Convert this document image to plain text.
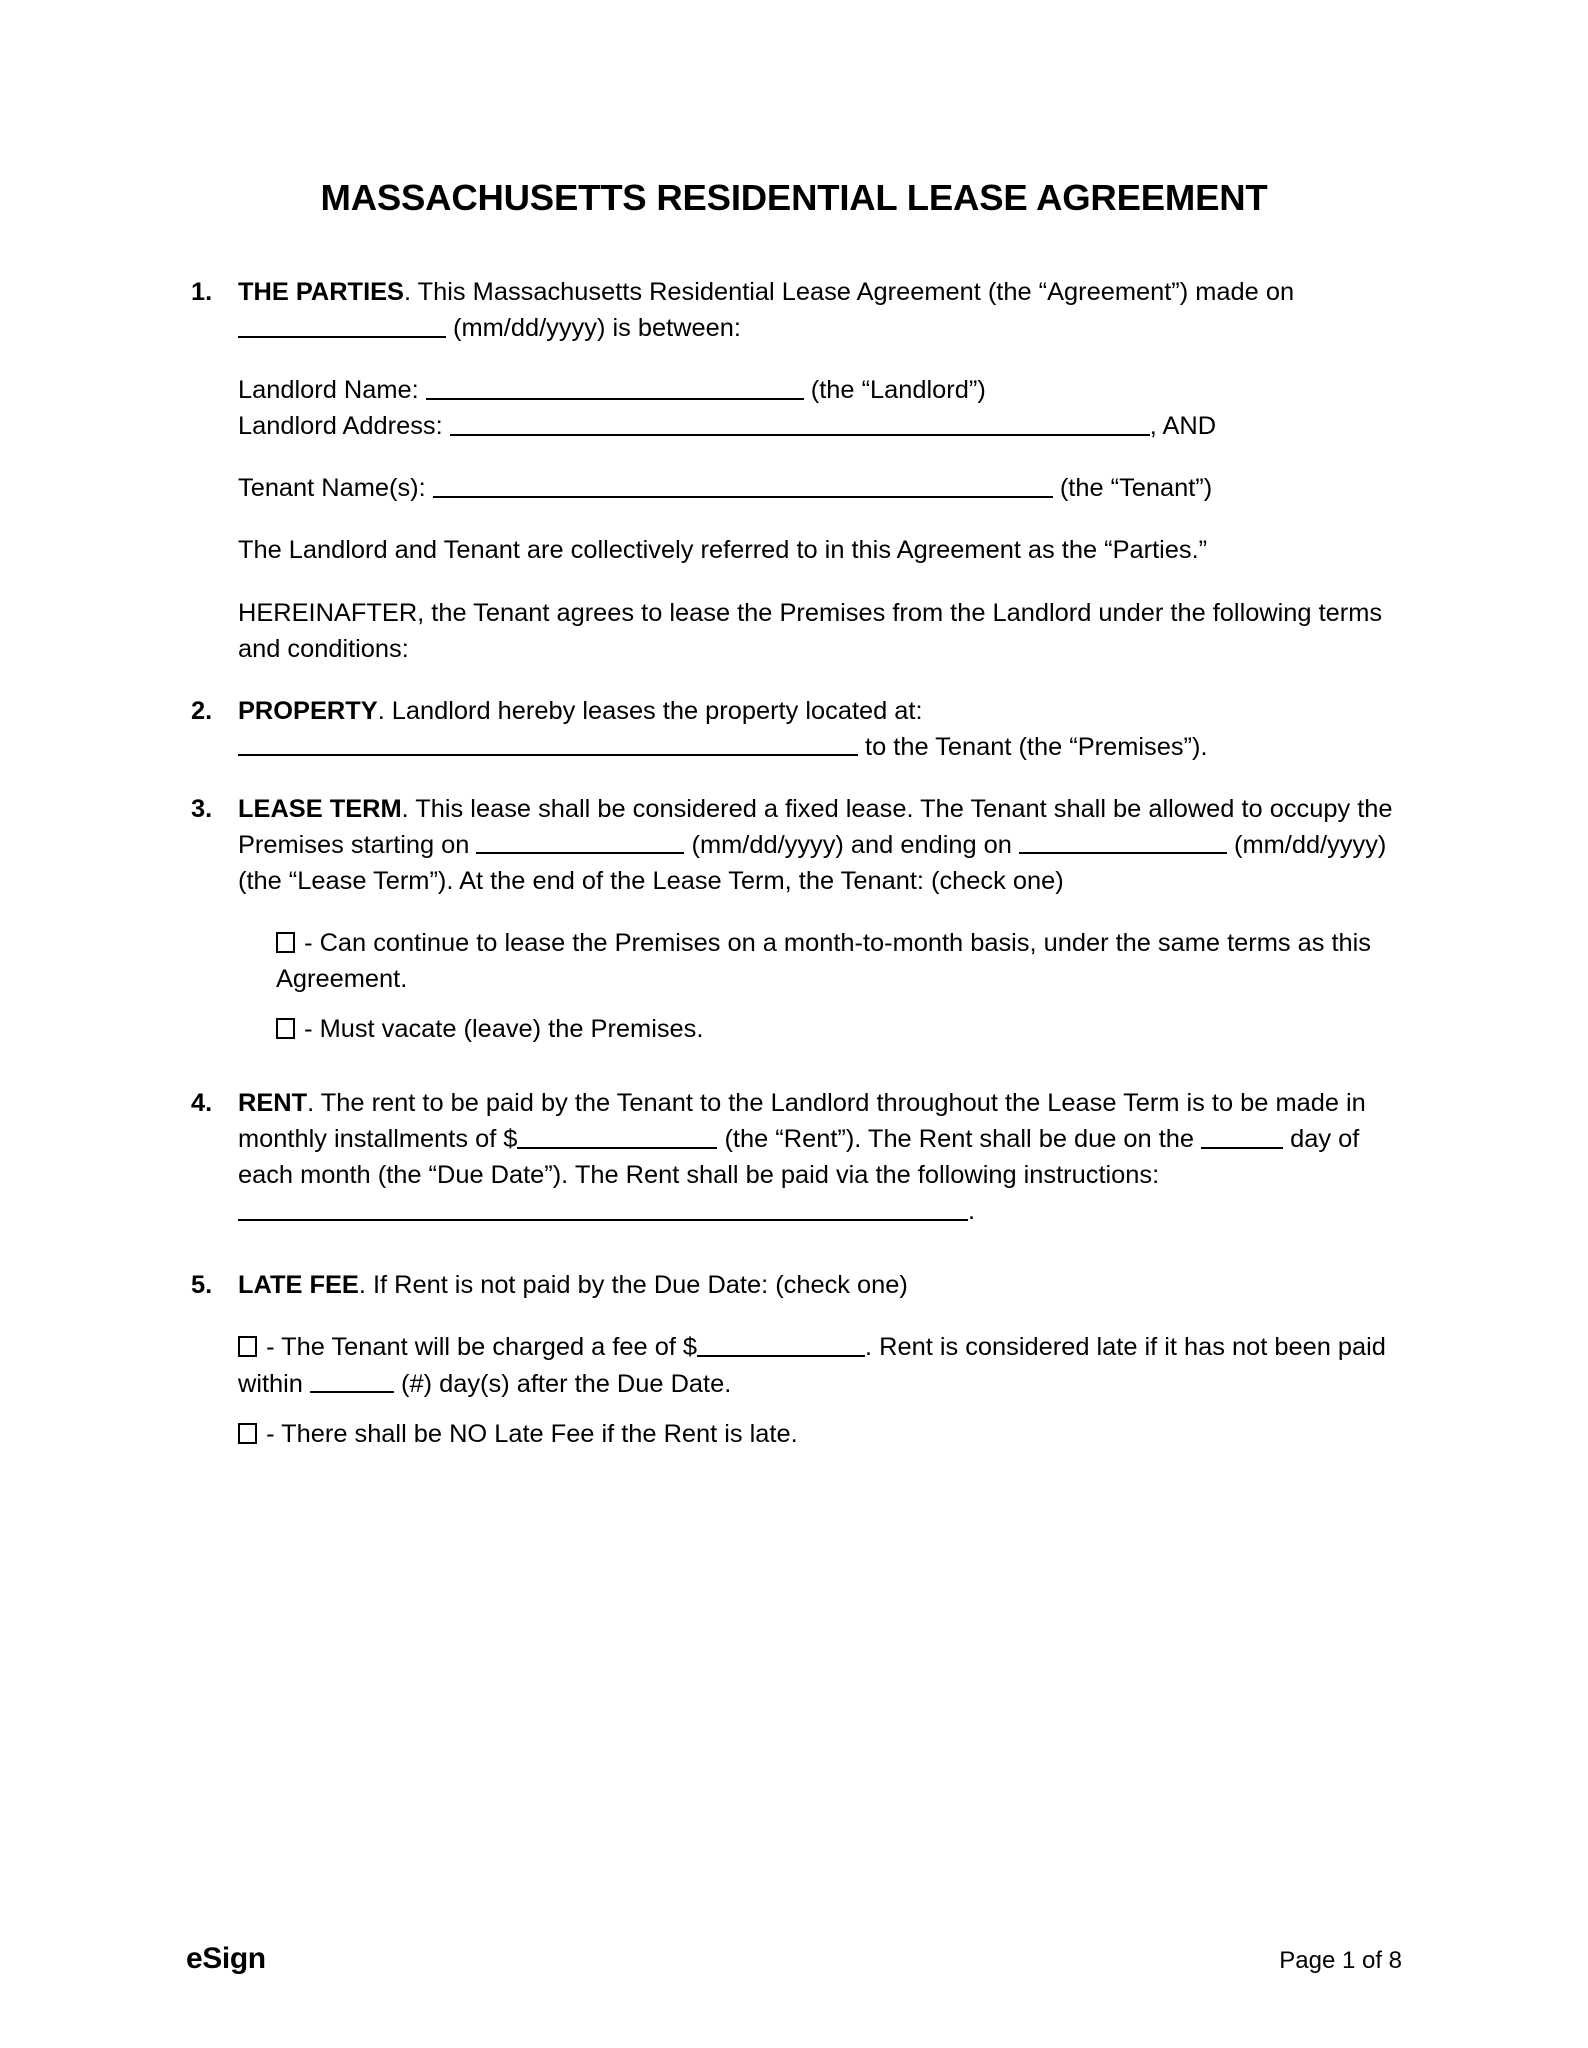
MASSACHUSETTS RESIDENTIAL LEASE AGREEMENT
1.	THE PARTIES. This Massachusetts Residential Lease Agreement (the “Agreement”) made on  (mm/dd/yyyy) is between:

Landlord Name:	(the “Landlord”)

Landlord Address:	, AND

Tenant Name(s):	(the “Tenant”)

The Landlord and Tenant are collectively referred to in this Agreement as the “Parties.”

HEREINAFTER, the Tenant agrees to lease the Premises from the Landlord under the following terms and conditions:

2.	PROPERTY. Landlord hereby leases the property located at:

to the Tenant (the “Premises”).

3.	LEASE TERM. This lease shall be considered a fixed lease. The Tenant shall be allowed to occupy the Premises starting on	(mm/dd/yyyy) and ending on	(mm/dd/yyyy) (the “Lease Term”). At the end of the Lease Term, the Tenant: (check one)

- Can continue to lease the Premises on a month-to-month basis, under the same terms as this Agreement.

- Must vacate (leave) the Premises.

4.	RENT. The rent to be paid by the Tenant to the Landlord throughout the Lease Term is to be made in monthly installments of $	(the “Rent”). The Rent shall be due on the	day of each month (the “Due Date”). The Rent shall be paid via the following instructions: .

5.	LATE FEE. If Rent is not paid by the Due Date: (check one)

- The Tenant will be charged a fee of $	. Rent is considered late if it has not been paid within	(#) day(s) after the Due Date.

- There shall be NO Late Fee if the Rent is late.

eSign	Page 1 of 8
